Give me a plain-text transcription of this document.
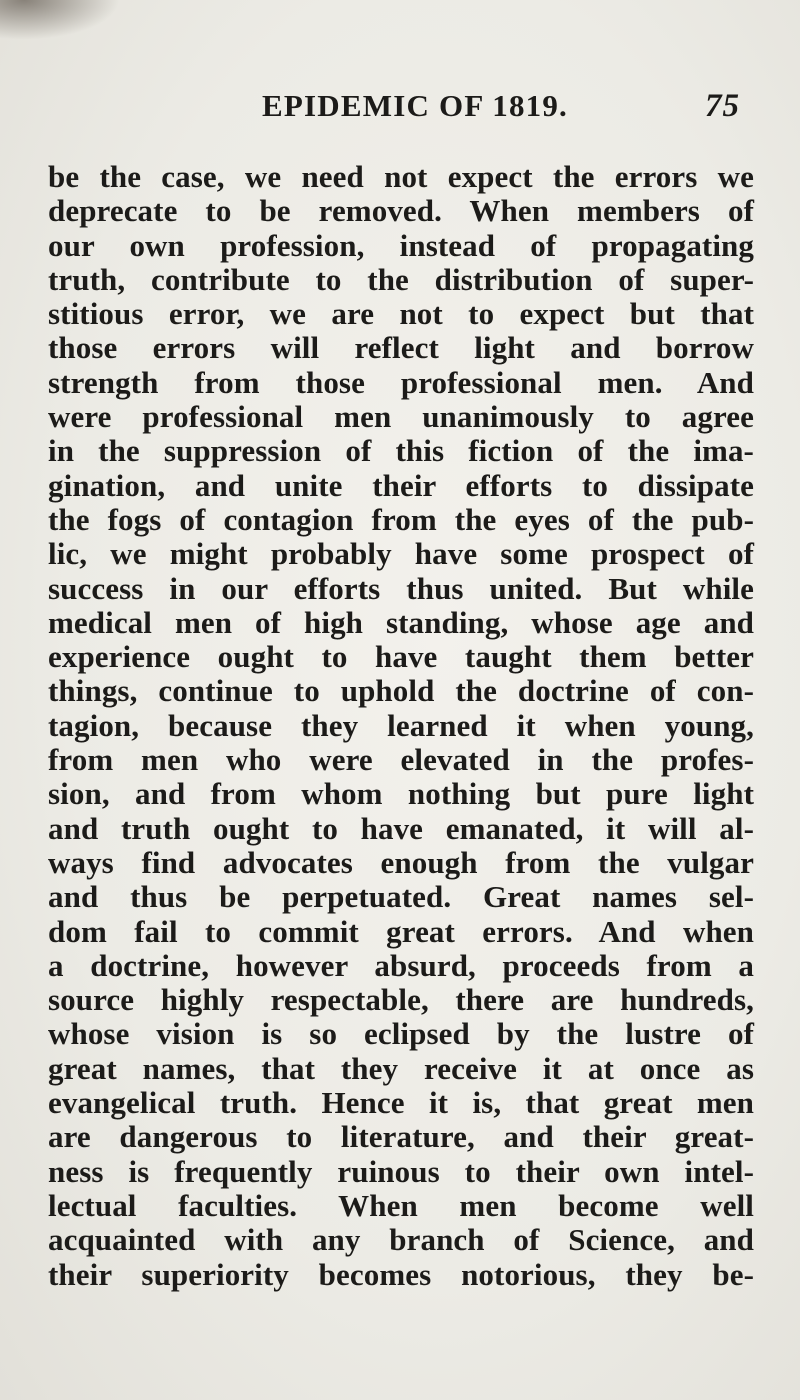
EPIDEMIC OF 1819.	75
be the case, we need not expect the errors we
deprecate to be removed. When members of
our own profession, instead of propagating
truth, contribute to the distribution of super-
stitious error, we are not to expect but that
those errors will reflect light and borrow
strength from those professional men. And
were professional men unanimously to agree
in the suppression of this fiction of the ima-
gination, and unite their efforts to dissipate
the fogs of contagion from the eyes of the pub-
lic, we might probably have some prospect of
success in our efforts thus united. But while
medical men of high standing, whose age and
experience ought to have taught them better
things, continue to uphold the doctrine of con-
tagion, because they learned it when young,
from men who were elevated in the profes-
sion, and from whom nothing but pure light
and truth ought to have emanated, it will al-
ways find advocates enough from the vulgar
and thus be perpetuated. Great names sel-
dom fail to commit great errors. And when
a doctrine, however absurd, proceeds from a
source highly respectable, there are hundreds,
whose vision is so eclipsed by the lustre of
great names, that they receive it at once as
evangelical truth. Hence it is, that great men
are dangerous to literature, and their great-
ness is frequently ruinous to their own intel-
lectual faculties. When men become well
acquainted with any branch of Science, and
their superiority becomes notorious, they be-
